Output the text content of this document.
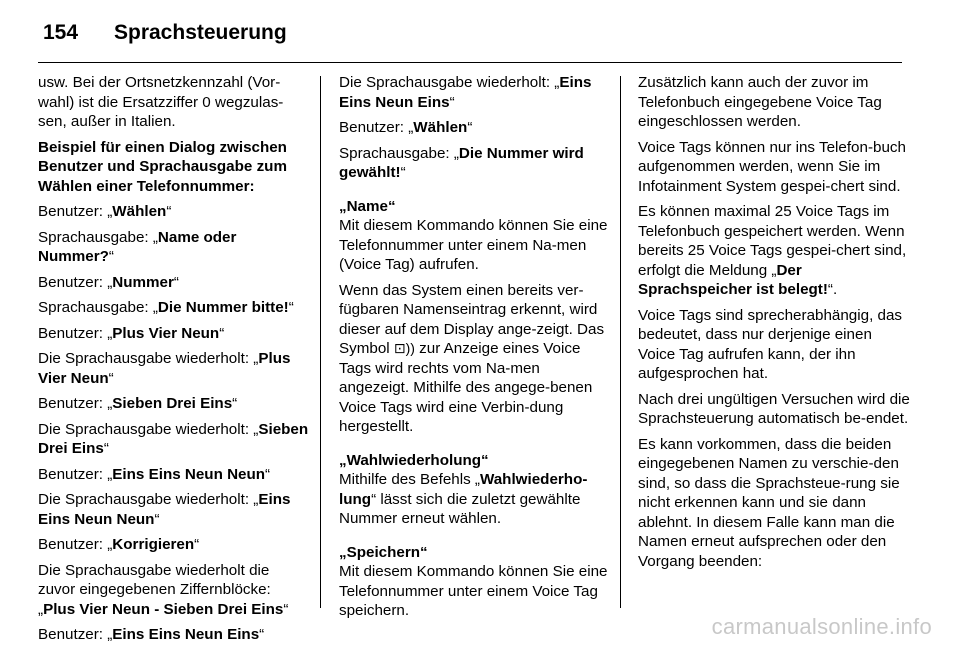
154 Sprachsteuerung

usw. Bei der Ortsnetzkennzahl (Vor-wahl) ist die Ersatzziffer 0 wegzulas-sen, außer in Italien.

Beispiel für einen Dialog zwischen Benutzer und Sprachausgabe zum Wählen einer Telefonnummer:

Benutzer: „Wählen“

Sprachausgabe: „Name oder Nummer?“

Benutzer: „Nummer“

Sprachausgabe: „Die Nummer bitte!“

Benutzer: „Plus Vier Neun“

Die Sprachausgabe wiederholt: „Plus Vier Neun“

Benutzer: „Sieben Drei Eins“

Die Sprachausgabe wiederholt: „Sieben Drei Eins“

Benutzer: „Eins Eins Neun Neun“

Die Sprachausgabe wiederholt: „Eins Eins Neun Neun“

Benutzer: „Korrigieren“

Die Sprachausgabe wiederholt die zuvor eingegebenen Ziffernblöcke: „Plus Vier Neun - Sieben Drei Eins“

Benutzer: „Eins Eins Neun Eins“

Die Sprachausgabe wiederholt: „Eins Eins Neun Eins“

Benutzer: „Wählen“

Sprachausgabe: „Die Nummer wird gewählt!“

„Name“

Mit diesem Kommando können Sie eine Telefonnummer unter einem Na-men (Voice Tag) aufrufen.

Wenn das System einen bereits ver-fügbaren Namenseintrag erkennt, wird dieser auf dem Display ange-zeigt. Das Symbol ⊡)) zur Anzeige eines Voice Tags wird rechts vom Na-men angezeigt. Mithilfe des angege-benen Voice Tags wird eine Verbin-dung hergestellt.

„Wahlwiederholung“

Mithilfe des Befehls „Wahlwiederho-lung“ lässt sich die zuletzt gewählte Nummer erneut wählen.

„Speichern“

Mit diesem Kommando können Sie eine Telefonnummer unter einem Voice Tag speichern.

Zusätzlich kann auch der zuvor im Telefonbuch eingegebene Voice Tag eingeschlossen werden.

Voice Tags können nur ins Telefon-buch aufgenommen werden, wenn Sie im Infotainment System gespei-chert sind.

Es können maximal 25 Voice Tags im Telefonbuch gespeichert werden. Wenn bereits 25 Voice Tags gespei-chert sind, erfolgt die Meldung „Der Sprachspeicher ist belegt!“.

Voice Tags sind sprecherabhängig, das bedeutet, dass nur derjenige einen Voice Tag aufrufen kann, der ihn aufgesprochen hat.

Nach drei ungültigen Versuchen wird die Sprachsteuerung automatisch be-endet.

Es kann vorkommen, dass die beiden eingegebenen Namen zu verschie-den sind, so dass die Sprachsteue-rung sie nicht erkennen kann und sie dann ablehnt. In diesem Falle kann man die Namen erneut aufsprechen oder den Vorgang beenden:

carmanualsonline.info
